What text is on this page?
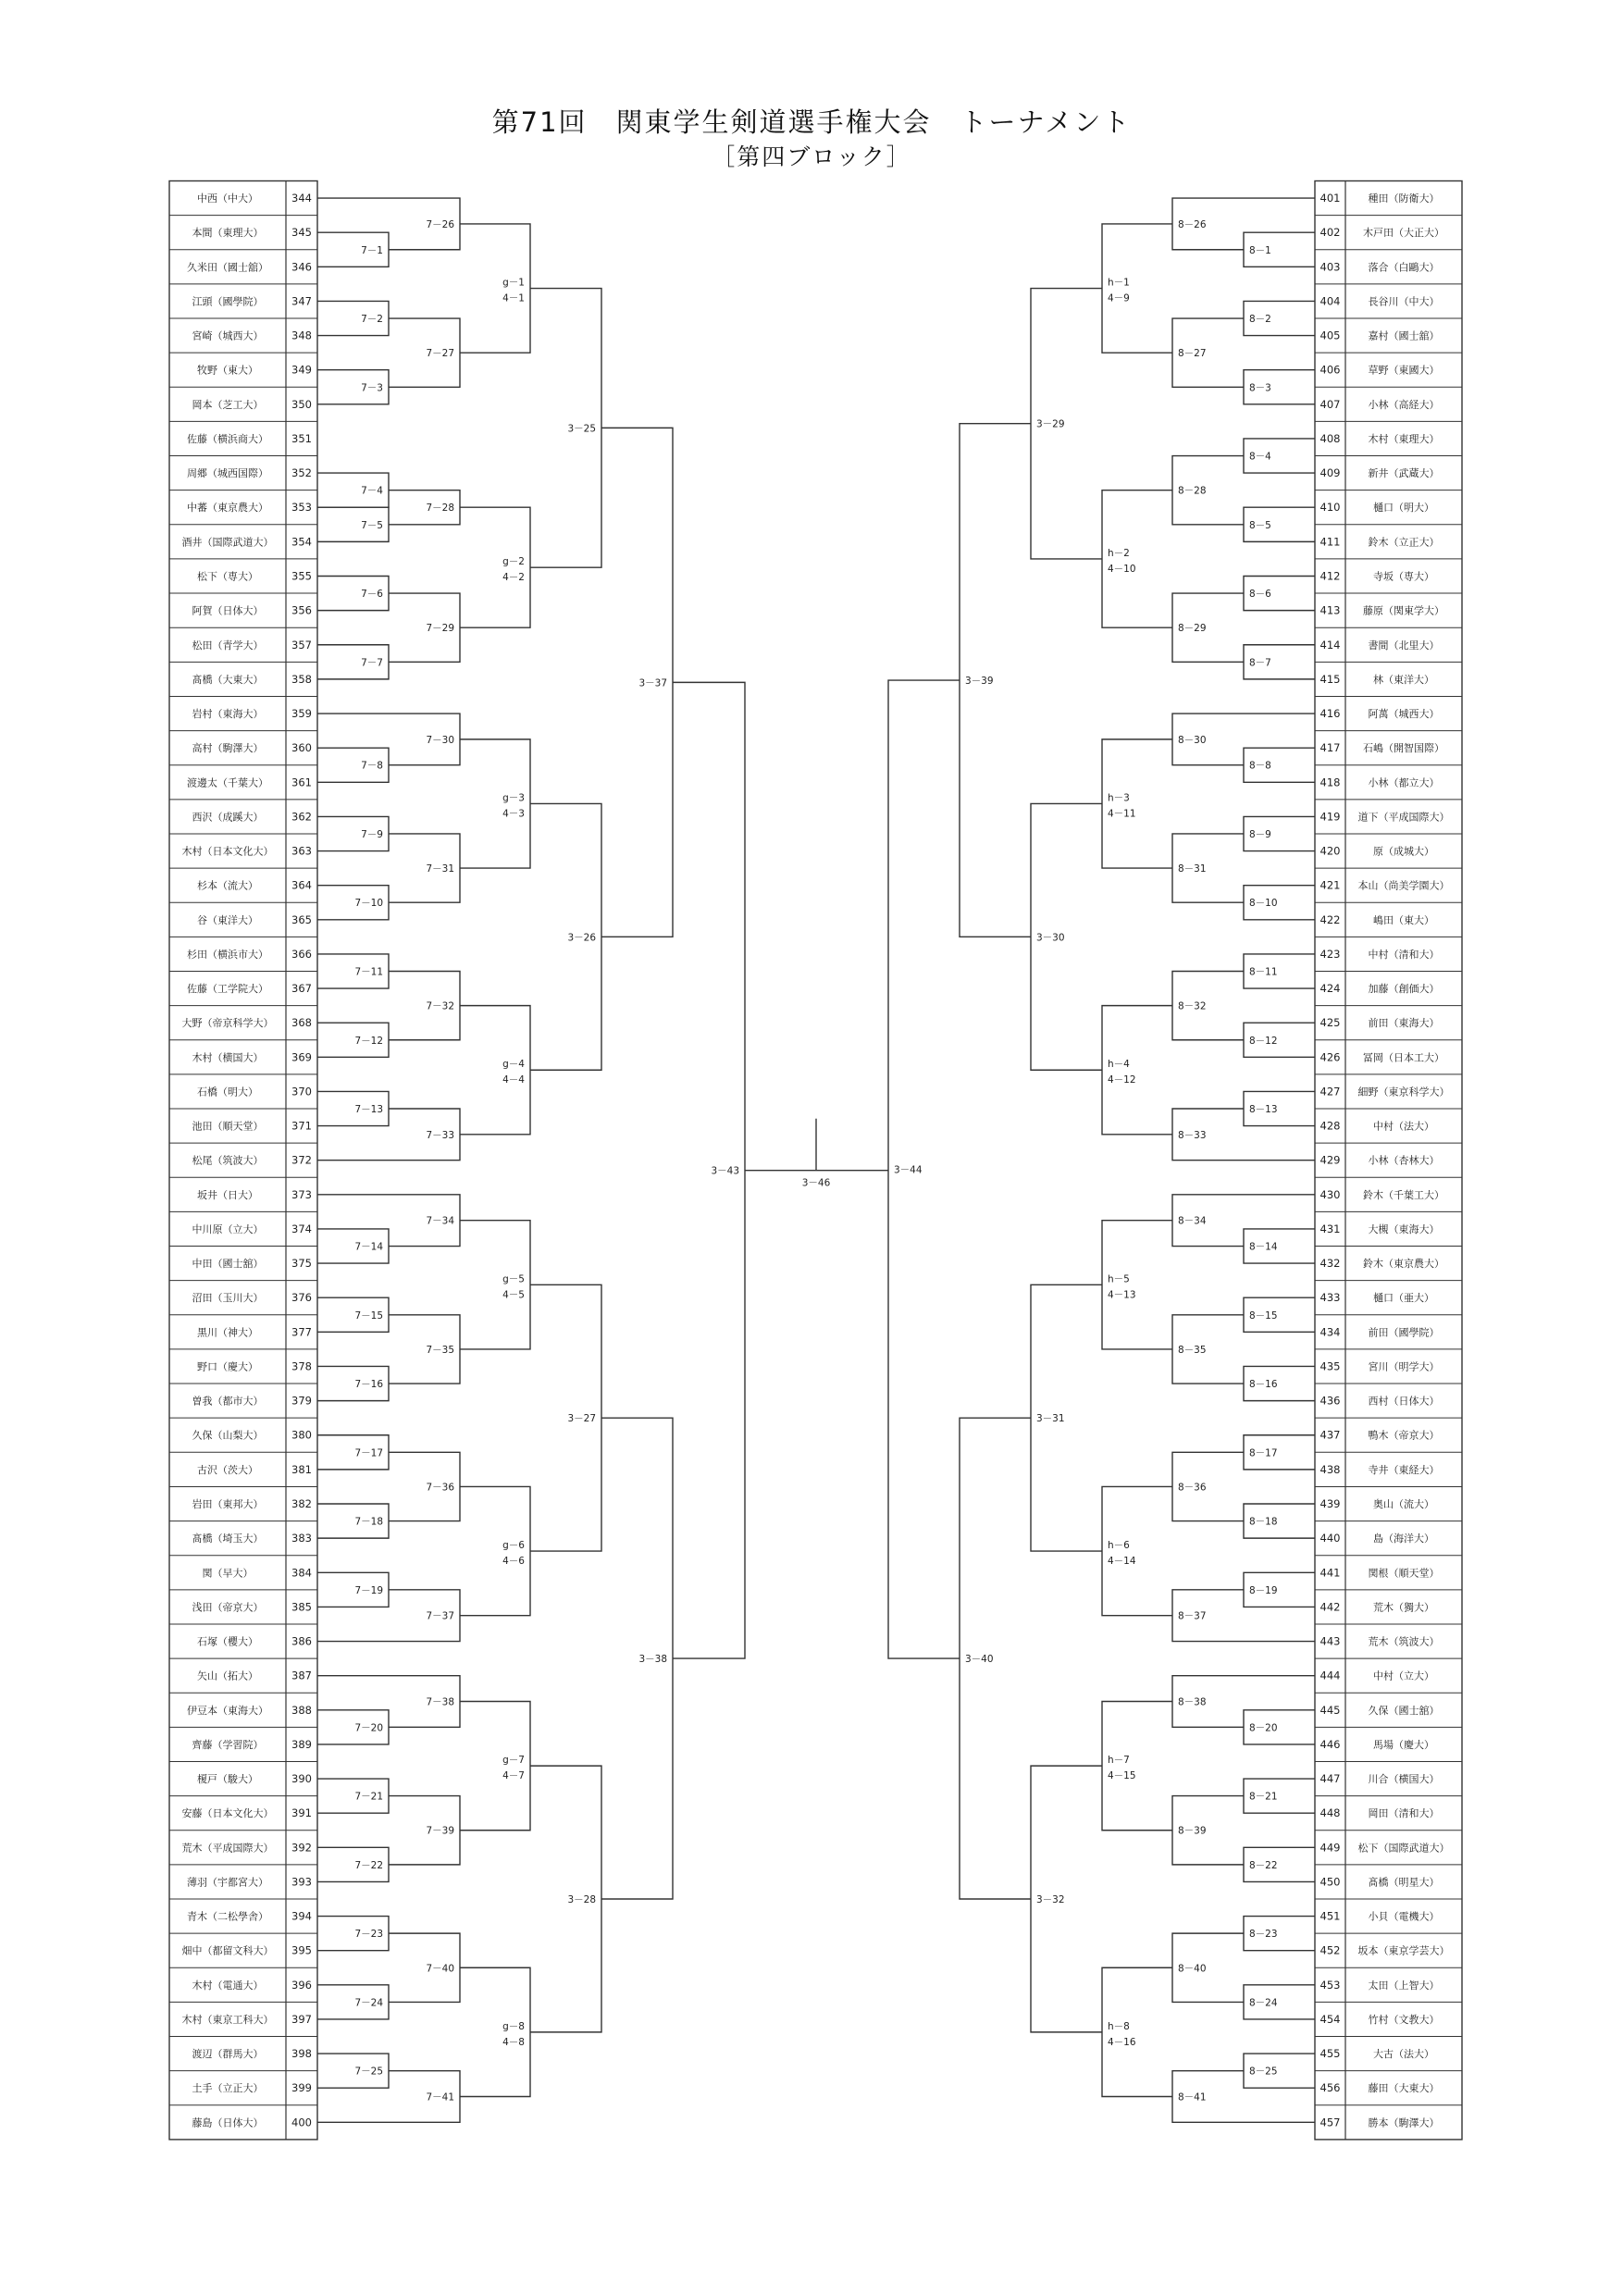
第71回　関東学生剣道選手権大会　トーナメント
［第四ブロック］
中西（中大）	344
本間（東理大）	345
久米田（國士舘） 346
江頭（國學院）	347
宮崎（城西大）	348
牧野（東大）	349
岡本（芝工大）	350
佐藤（横浜商大） 351
周郷（城西国際） 352
中蕃（東京農大） 353
酒井（国際武道大） 354
松下（専大）	355
阿賀（日体大）	356
松田（青学大）	357
髙橋（大東大）	358
岩村（東海大）	359
高村（駒澤大）	360
渡邊太（千葉大） 361
西沢（成蹊大）	362
木村（日本文化大） 363
杉本（流大）	364
谷（東洋大）	365
杉田（横浜市大） 366
佐藤（工学院大） 367
大野（帝京科学大） 368
木村（横国大）	369
石橋（明大）	370
池田（順天堂）	371
松尾（筑波大）	372
坂井（日大）	373
中川原（立大）	374
中田（國士舘）	375
沼田（玉川大）	376
黒川（神大）	377
野口（慶大）	378
曽我（都市大）	379
久保（山梨大）	380
古沢（茨大）	381
岩田（東邦大）	382
髙橋（埼玉大）	383
関（早大）	384
浅田（帝京大）	385
石塚（櫻大）	386
矢山（拓大）	387
伊豆本（東海大） 388
齊藤（学習院）	389
榎戸（駿大）	390
安藤（日本文化大） 391
荒木（平成国際大） 392
薄羽（宇都宮大） 393
青木（二松學舎） 394
畑中（都留文科大） 395
木村（電通大）	396
木村（東京工科大） 397
渡辺（群馬大）	398
土手（立正大）	399
藤島（日体大）	400
401	種田（防衛大）
402 木戸田（大正大）
403	落合（白鷗大）
404	長谷川（中大）
405	嘉村（國士舘）
406	草野（東國大）
407	小林（高経大）
408	木村（東理大）
409	新井（武蔵大）
410	樋口（明大）
411	鈴木（立正大）
412	寺坂（専大）
413 藤原（関東学大）
414	書間（北里大）
415	林（東洋大）
416	阿萬（城西大）
417 石嶋（開智国際）
418	小林（都立大）
419 道下（平成国際大）
420	原（成城大）
421 本山（尚美学園大）
422	嶋田（東大）
423	中村（清和大）
424	加藤（創価大）
425	前田（東海大）
426 冨岡（日本工大）
427 細野（東京科学大）
428	中村（法大）
429	小林（杏林大）
430 鈴木（千葉工大）
431	大槻（東海大）
432 鈴木（東京農大）
433	樋口（亜大）
434	前田（國學院）
435	宮川（明学大）
436	西村（日体大）
437	鴨木（帝京大）
438	寺井（東経大）
439	奥山（流大）
440	島（海洋大）
441	関根（順天堂）
442	荒木（獨大）
443	荒木（筑波大）
444	中村（立大）
445	久保（國士舘）
446	馬場（慶大）
447	川合（横国大）
448	岡田（清和大）
449 松下（国際武道大）
450	髙橋（明星大）
451	小貝（電機大）
452 坂本（東京学芸大）
453	太田（上智大）
454	竹村（文教大）
455	大古（法大）
456	藤田（大東大）
457	勝本（駒澤大）
7－1
7－2
7－3
7－4
7－5
7－6
7－7
7－8
7－9
7－10
7－11
7－12
7－13
7－14
7－15
7－16
7－17
7－18
7－19
7－20
7－21
7－22
7－23
7－24
7－25
7－26
7－27
7－28
7－29
7－30
7－31
7－32
7－33
7－34
7－35
7－36
7－37
7－38
7－39
7－40
7－41
g－1
4－1
g－2
4－2
g－3
4－3
g－4
4－4
g－5
4－5
g－6
4－6
g－7
4－7
g－8
4－8
3－25
3－26
3－27
3－28
3－37
3－38
3－43
8－1
8－2
8－3
8－4
8－5
8－6
8－7
8－8
8－9
8－10
8－11
8－12
8－13
8－14
8－15
8－16
8－17
8－18
8－19
8－20
8－21
8－22
8－23
8－24
8－25
8－26
8－27
8－28
8－29
8－30
8－31
8－32
8－33
8－34
8－35
8－36
8－37
8－38
8－39
8－40
8－41
h－1
4－9
h－2
4－10
h－3
4－11
h－4
4－12
h－5
4－13
h－6
4－14
h－7
4－15
h－8
4－16
3－29
3－30
3－31
3－32
3－39
3－40
3－44
3－46
